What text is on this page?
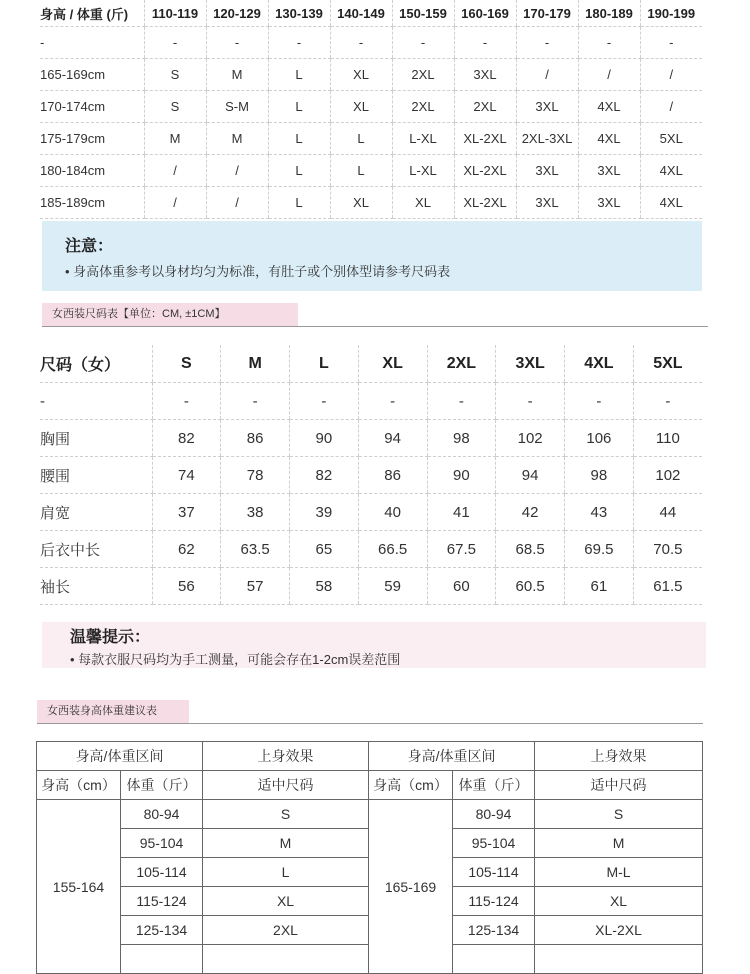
身高 / 体重 (斤)	110-119	120-129	130-139	140-149	150-159	160-169	170-179	180-189	190-199
-	-	-	-	-	-	-	-	-	-
165-169cm	S	M	L	XL	2XL	3XL	/	/	/
170-174cm	S	S-M	L	XL	2XL	2XL	3XL	4XL	/
175-179cm	M	M	L	L	L-XL	XL-2XL	2XL-3XL	4XL	5XL
180-184cm	/	/	L	L	L-XL	XL-2XL	3XL	3XL	4XL
185-189cm	/	/	L	XL	XL	XL-2XL	3XL	3XL	4XL
注意：
• 身高体重参考以身材均匀为标准，有肚子或个别体型请参考尺码表
女西装尺码表【单位：CM, ±1CM】
尺码（女）	S	M	L	XL	2XL	3XL	4XL	5XL
-	-	-	-	-	-	-	-	-
胸围	82	86	90	94	98	102	106	110
腰围	74	78	82	86	90	94	98	102
肩宽	37	38	39	40	41	42	43	44
后衣中长	62	63.5	65	66.5	67.5	68.5	69.5	70.5
袖长	56	57	58	59	60	60.5	61	61.5
温馨提示：
• 每款衣服尺码均为手工测量，可能会存在1-2cm误差范围
女西装身高体重建议表
身高/体重区间		上身效果	身高/体重区间		上身效果
身高（cm）	体重（斤）	适中尺码	身高（cm）	体重（斤）	适中尺码
155-164	80-94	S	165-169	80-94	S
	95-104	M		95-104	M
	105-114	L		105-114	M-L
	115-124	XL		115-124	XL
	125-134	2XL		125-134	XL-2XL
